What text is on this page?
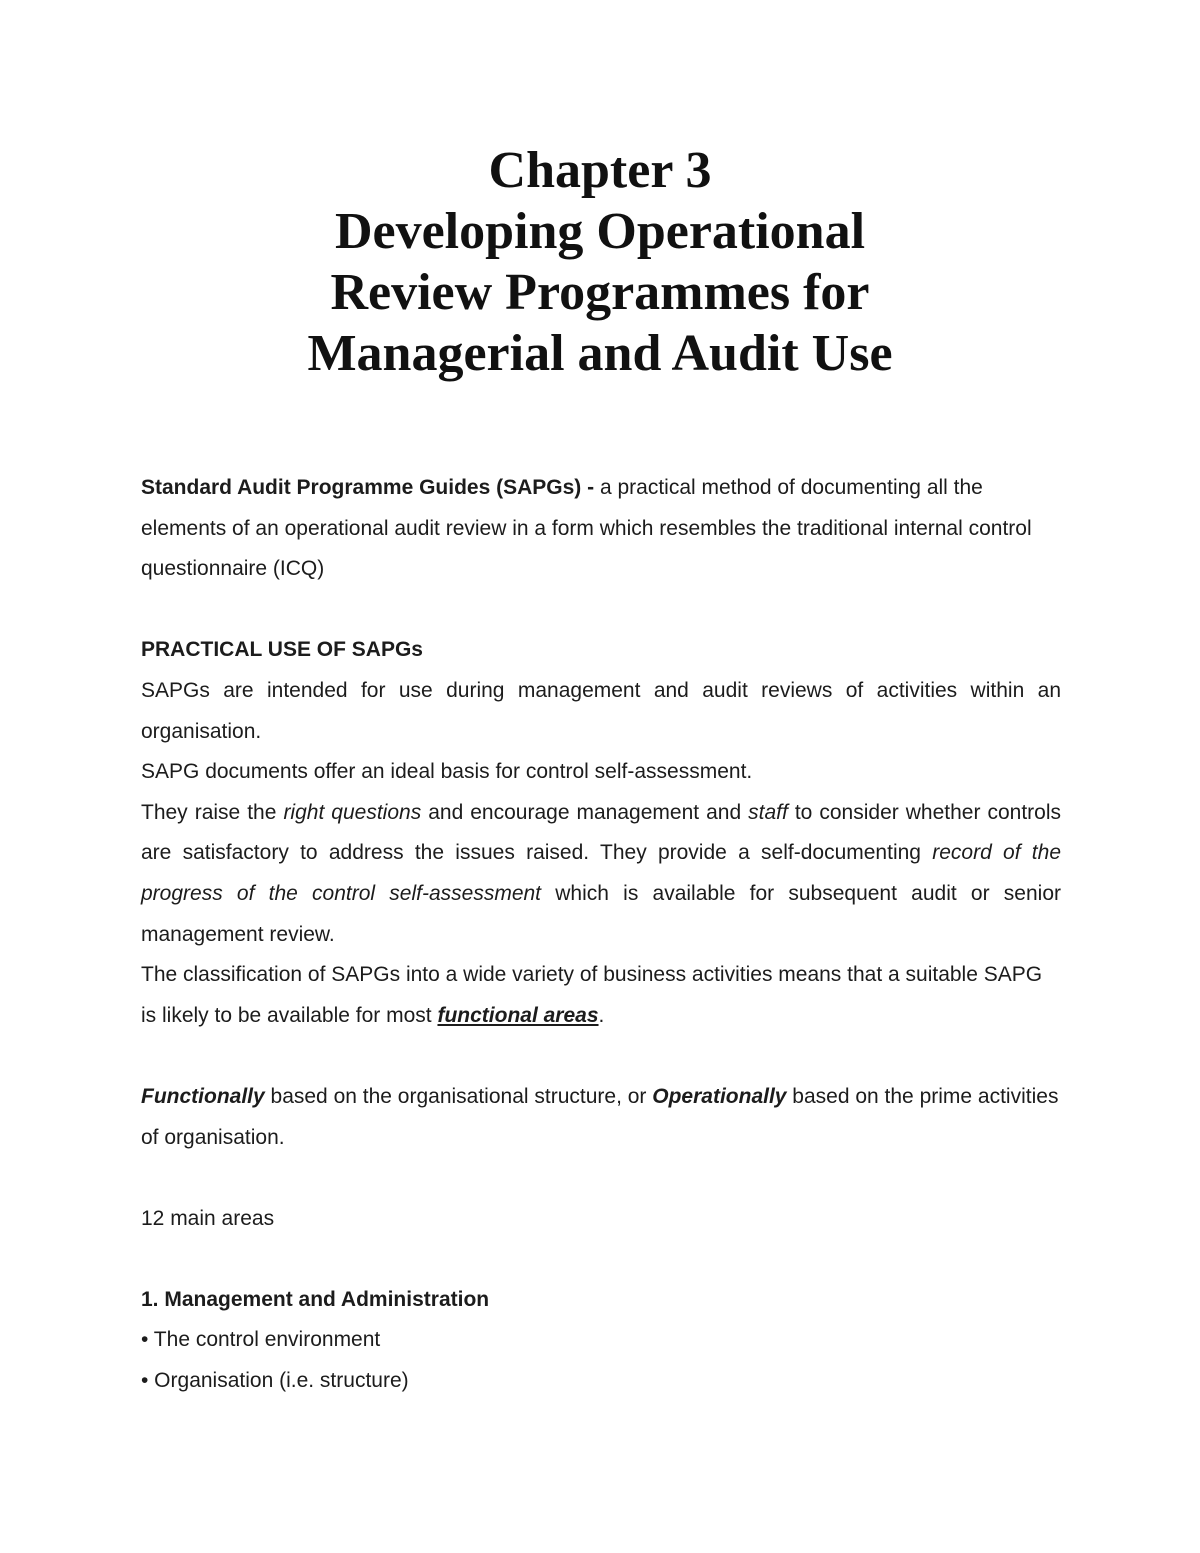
Chapter 3
Developing Operational
Review Programmes for
Managerial and Audit Use

Standard Audit Programme Guides (SAPGs) - a practical method of documenting all the elements of an operational audit review in a form which resembles the traditional internal control questionnaire (ICQ)

PRACTICAL USE OF SAPGs

SAPGs are intended for use during management and audit reviews of activities within an organisation.

SAPG documents offer an ideal basis for control self-assessment.

They raise the right questions and encourage management and staff to consider whether controls are satisfactory to address the issues raised. They provide a self-documenting record of the progress of the control self-assessment which is available for subsequent audit or senior management review.

The classification of SAPGs into a wide variety of business activities means that a suitable SAPG is likely to be available for most functional areas.

Functionally based on the organisational structure, or Operationally based on the prime activities of organisation.

12 main areas

1. Management and Administration

• The control environment

• Organisation (i.e. structure)
